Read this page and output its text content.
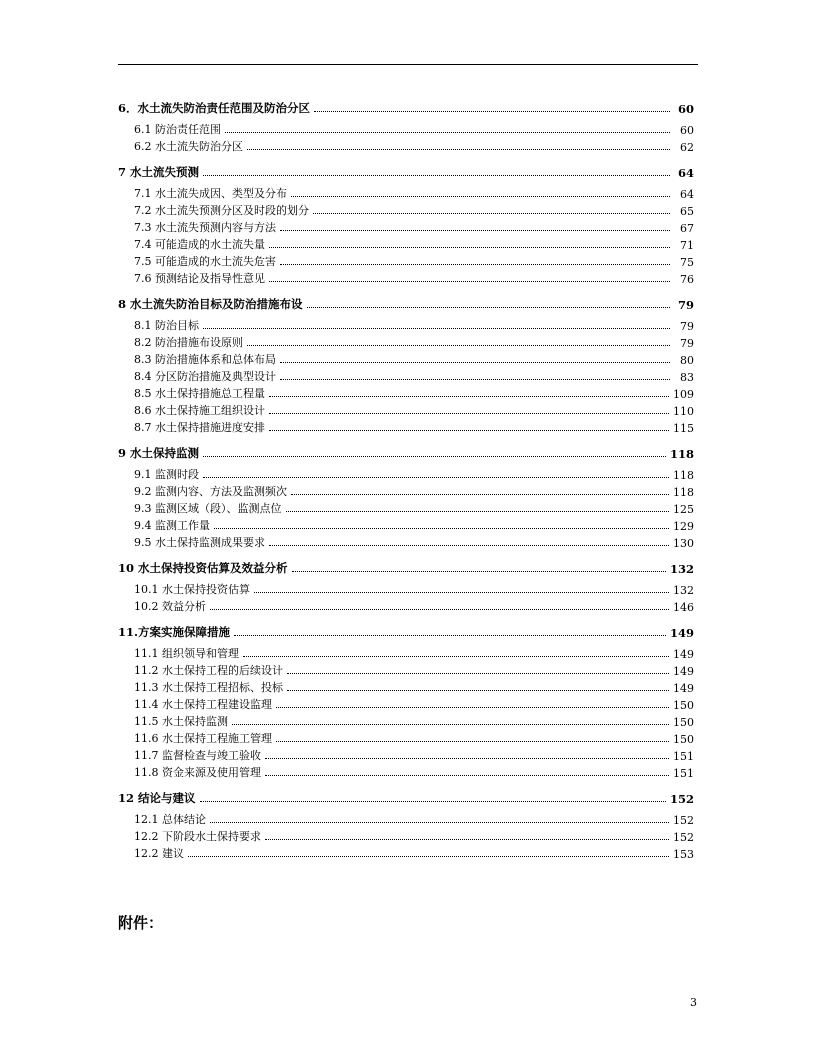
6．水土流失防治责任范围及防治分区	60
6.1 防治责任范围	60
6.2 水土流失防治分区	62
7 水土流失预测	64
7.1 水土流失成因、类型及分布	64
7.2 水土流失预测分区及时段的划分	65
7.3 水土流失预测内容与方法	67
7.4 可能造成的水土流失量	71
7.5 可能造成的水土流失危害	75
7.6 预测结论及指导性意见	76
8 水土流失防治目标及防治措施布设	79
8.1 防治目标	79
8.2 防治措施布设原则	79
8.3 防治措施体系和总体布局	80
8.4 分区防治措施及典型设计	83
8.5 水土保持措施总工程量	109
8.6 水土保持施工组织设计	110
8.7 水土保持措施进度安排	115
9 水土保持监测	118
9.1 监测时段	118
9.2 监测内容、方法及监测频次	118
9.3 监测区域（段）、监测点位	125
9.4 监测工作量	129
9.5 水土保持监测成果要求	130
10 水土保持投资估算及效益分析	132
10.1 水土保持投资估算	132
10.2 效益分析	146
11.方案实施保障措施	149
11.1 组织领导和管理	149
11.2 水土保持工程的后续设计	149
11.3 水土保持工程招标、投标	149
11.4 水土保持工程建设监理	150
11.5 水土保持监测	150
11.6 水土保持工程施工管理	150
11.7 监督检查与竣工验收	151
11.8 资金来源及使用管理	151
12 结论与建议	152
12.1 总体结论	152
12.2 下阶段水土保持要求	152
12.2 建议	153
附件：
3
